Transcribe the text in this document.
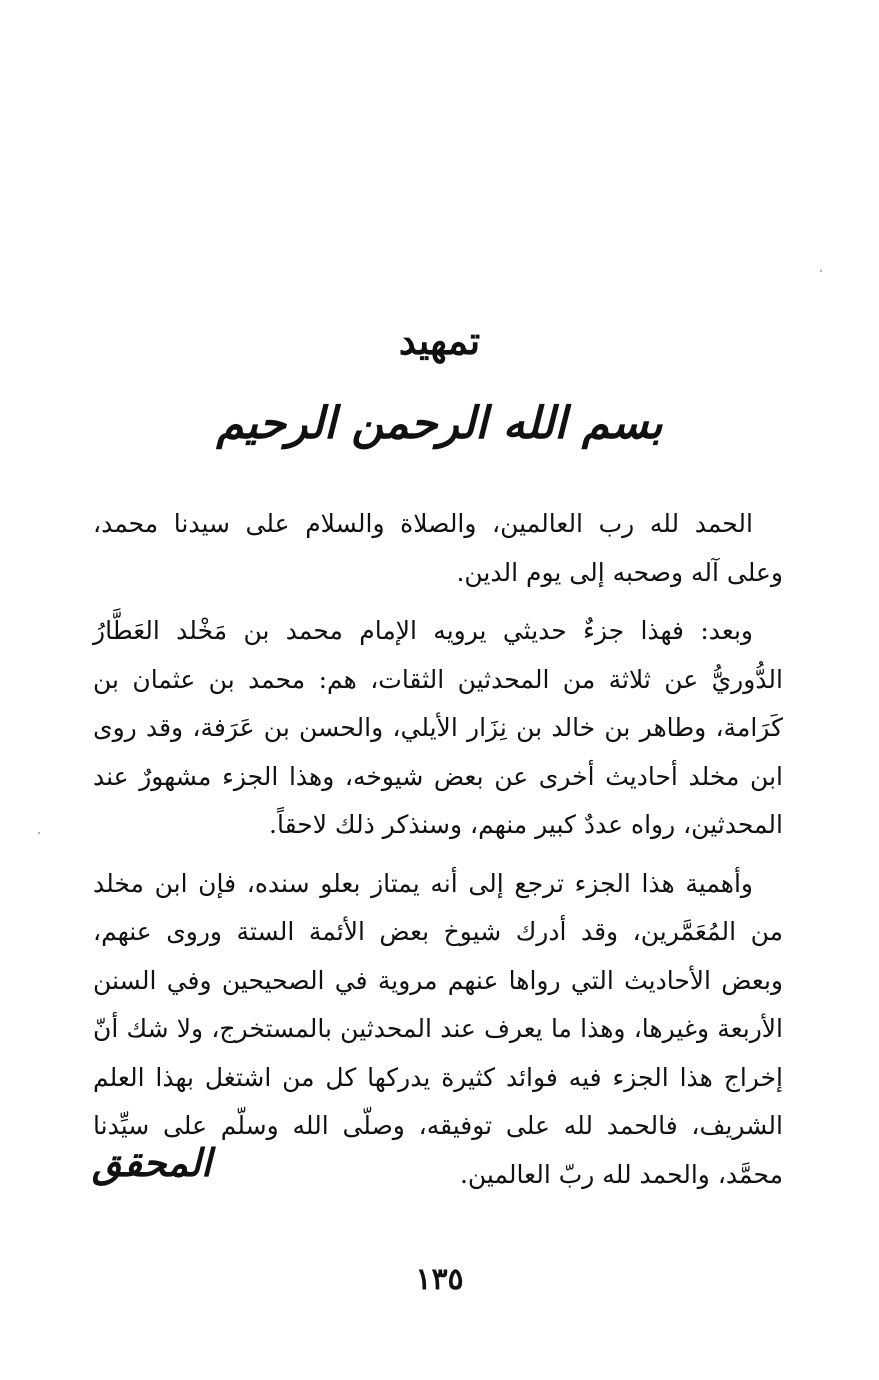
تمهيد
بسم الله الرحمن الرحيم

الحمد لله رب العالمين، والصلاة والسلام على سيدنا محمد، وعلى آله وصحبه إلى يوم الدين.

وبعد: فهذا جزءٌ حديثي يرويه الإمام محمد بن مَخْلد العَطَّارُ الدُّوريُّ عن ثلاثة من المحدثين الثقات، هم: محمد بن عثمان بن كَرَامة، وطاهر بن خالد بن نِزَار الأيلي، والحسن بن عَرَفة، وقد روى ابن مخلد أحاديث أخرى عن بعض شيوخه، وهذا الجزء مشهورٌ عند المحدثين، رواه عددٌ كبير منهم، وسنذكر ذلك لاحقاً.

وأهمية هذا الجزء ترجع إلى أنه يمتاز بعلو سنده، فإن ابن مخلد من المُعَمَّرين، وقد أدرك شيوخ بعض الأئمة الستة وروى عنهم، وبعض الأحاديث التي رواها عنهم مروية في الصحيحين وفي السنن الأربعة وغيرها، وهذا ما يعرف عند المحدثين بالمستخرج، ولا شك أنّ إخراج هذا الجزء فيه فوائد كثيرة يدركها كل من اشتغل بهذا العلم الشريف، فالحمد لله على توفيقه، وصلّى الله وسلّم على سيِّدنا محمَّد، والحمد لله ربّ العالمين.

المحقق
١٣٥
